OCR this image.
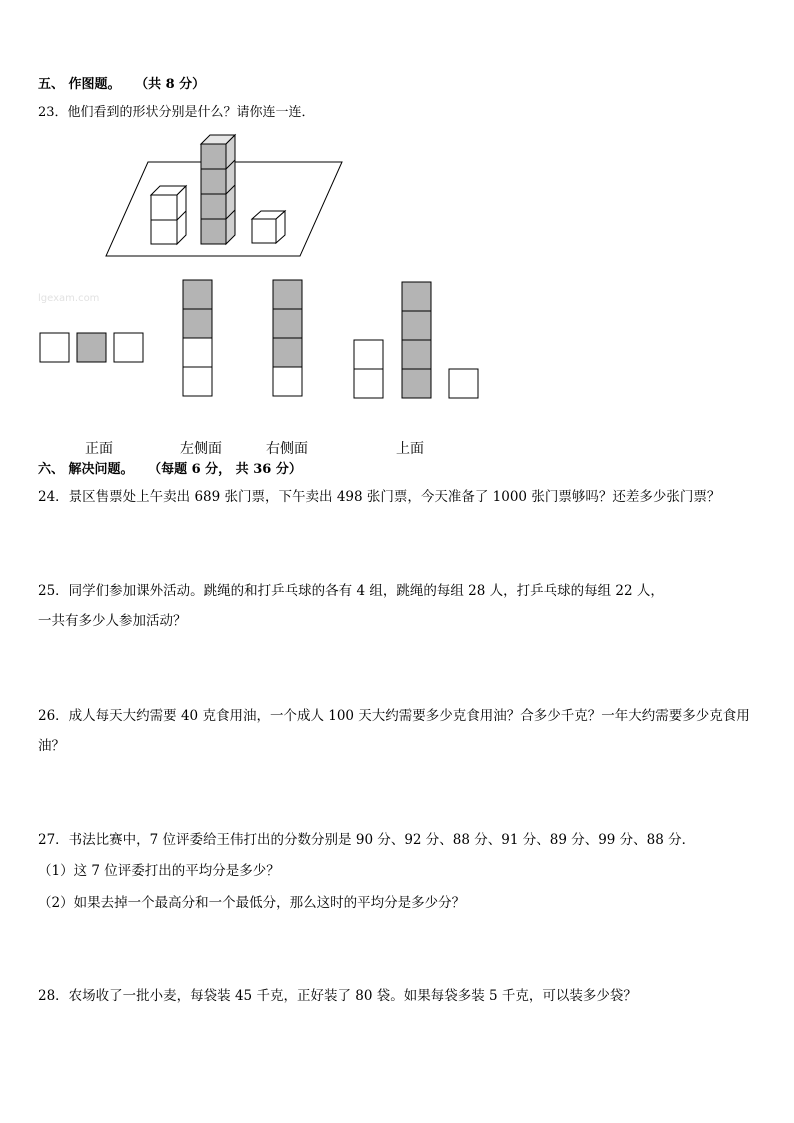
五、 作图题。 （共 8 分）
23．他们看到的形状分别是什么？请你连一连．
lgexam.com
正面	左侧面	右侧面	上面
六、 解决问题。 （每题 6 分， 共 36 分）
24．景区售票处上午卖出 689 张门票，下午卖出 498 张门票，今天准备了 1000 张门票够吗？还差多少张门票？
25．同学们参加课外活动。跳绳的和打乒乓球的各有 4 组，跳绳的每组 28 人，打乒乓球的每组 22 人，
一共有多少人参加活动？
26．成人每天大约需要 40 克食用油，一个成人 100 天大约需要多少克食用油？合多少千克？一年大约需要多少克食用
油？
27．书法比赛中，7 位评委给王伟打出的分数分别是 90 分、92 分、88 分、91 分、89 分、99 分、88 分．
（1）这 7 位评委打出的平均分是多少？
（2）如果去掉一个最高分和一个最低分，那么这时的平均分是多少分？
28．农场收了一批小麦，每袋装 45 千克，正好装了 80 袋。如果每袋多装 5 千克，可以装多少袋？
